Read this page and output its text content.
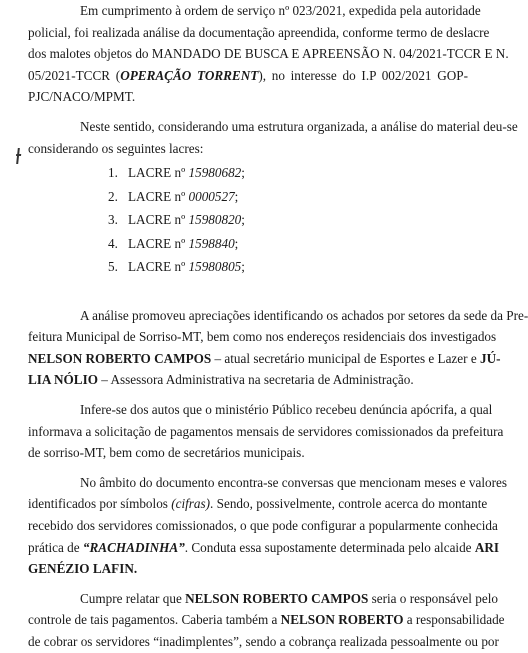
Em cumprimento à ordem de serviço nº 023/2021, expedida pela autoridade
policial, foi realizada análise da documentação apreendida, conforme termo de deslacre
dos malotes objetos do MANDADO DE BUSCA E APREENSÃO N. 04/2021-TCCR E N.
05/2021-TCCR (OPERAÇÃO TORRENT), no interesse do I.P 002/2021 GOP-
PJC/NACO/MPMT.

Neste sentido, considerando uma estrutura organizada, a análise do material deu-se
considerando os seguintes lacres:

1. LACRE nº 15980682;
2. LACRE nº 0000527;
3. LACRE nº 15980820;
4. LACRE nº 1598840;
5. LACRE nº 15980805;

A análise promoveu apreciações identificando os achados por setores da sede da Pre-
feitura Municipal de Sorriso-MT, bem como nos endereços residenciais dos investigados
NELSON ROBERTO CAMPOS – atual secretário municipal de Esportes e Lazer e JÚ-
LIA NÓLIO – Assessora Administrativa na secretaria de Administração.

Infere-se dos autos que o ministério Público recebeu denúncia apócrifa, a qual
informava a solicitação de pagamentos mensais de servidores comissionados da prefeitura
de sorriso-MT, bem como de secretários municipais.

No âmbito do documento encontra-se conversas que mencionam meses e valores
identificados por símbolos (cifras). Sendo, possivelmente, controle acerca do montante
recebido dos servidores comissionados, o que pode configurar a popularmente conhecida
prática de “RACHADINHA”. Conduta essa supostamente determinada pelo alcaide ARI
GENÉZIO LAFIN.

Cumpre relatar que NELSON ROBERTO CAMPOS seria o responsável pelo
controle de tais pagamentos. Caberia também a NELSON ROBERTO a responsabilidade
de cobrar os servidores “inadimplentes”, sendo a cobrança realizada pessoalmente ou por
